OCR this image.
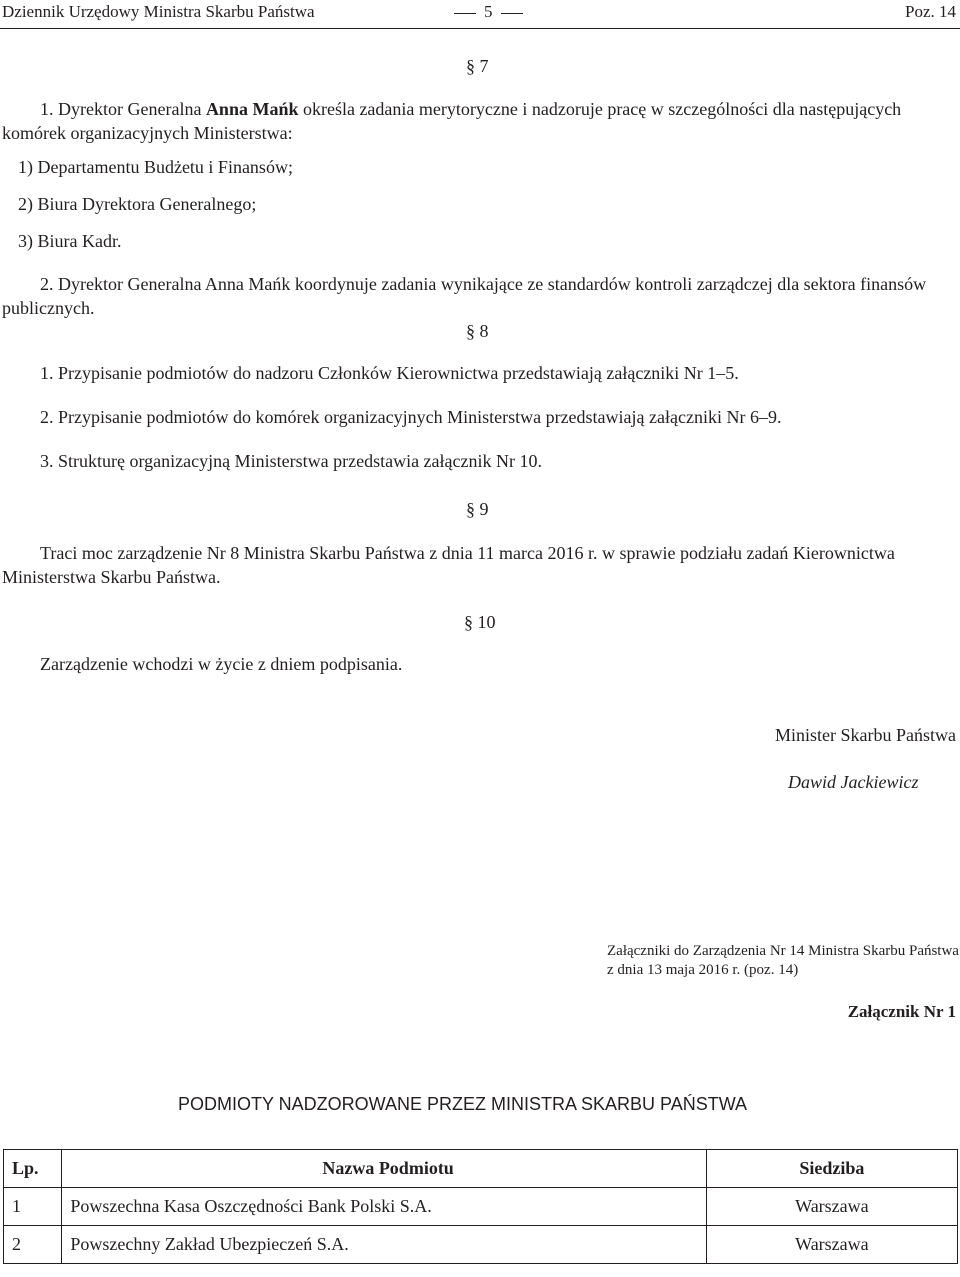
Dziennik Urzędowy Ministra Skarbu Państwa	5	Poz. 14
§ 7
1. Dyrektor Generalna Anna Mańk określa zadania merytoryczne i nadzoruje pracę w szczególności dla następujących komórek organizacyjnych Ministerstwa:
1) Departamentu Budżetu i Finansów;
2) Biura Dyrektora Generalnego;
3) Biura Kadr.
2. Dyrektor Generalna Anna Mańk koordynuje zadania wynikające ze standardów kontroli zarządczej dla sektora finansów publicznych.
§ 8
1. Przypisanie podmiotów do nadzoru Członków Kierownictwa przedstawiają załączniki Nr 1–5.
2. Przypisanie podmiotów do komórek organizacyjnych Ministerstwa przedstawiają załączniki Nr 6–9.
3. Strukturę organizacyjną Ministerstwa przedstawia załącznik Nr 10.
§ 9
Traci moc zarządzenie Nr 8 Ministra Skarbu Państwa z dnia 11 marca 2016 r. w sprawie podziału zadań Kierownictwa Ministerstwa Skarbu Państwa.
§ 10
Zarządzenie wchodzi w życie z dniem podpisania.
Minister Skarbu Państwa
Dawid Jackiewicz
Załączniki do Zarządzenia Nr 14 Ministra Skarbu Państwa
z dnia 13 maja 2016 r. (poz. 14)
Załącznik Nr 1
PODMIOTY NADZOROWANE PRZEZ MINISTRA SKARBU PAŃSTWA
Lp.	Nazwa Podmiotu	Siedziba
1	Powszechna Kasa Oszczędności Bank Polski S.A.	Warszawa
2	Powszechny Zakład Ubezpieczeń S.A.	Warszawa
